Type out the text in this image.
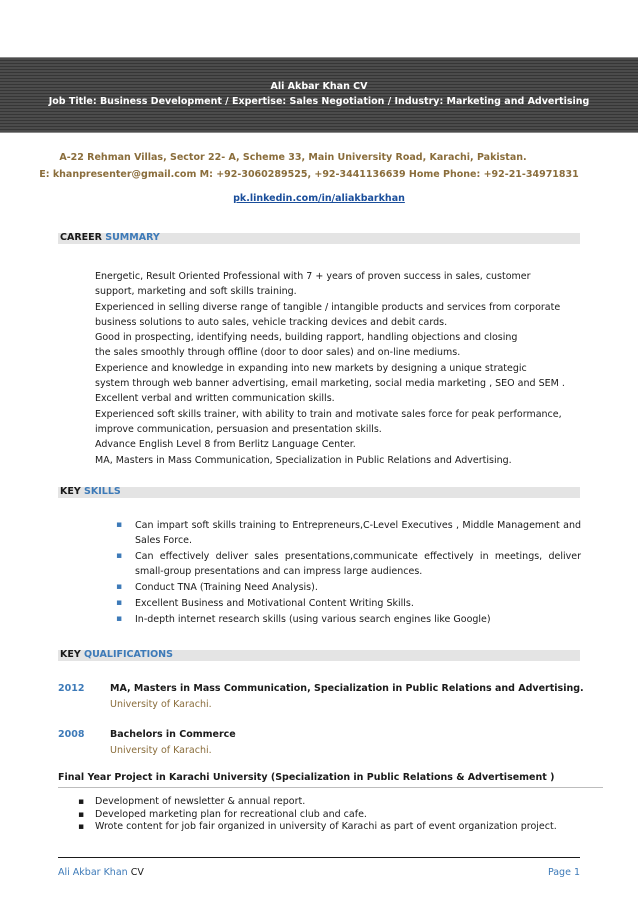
Ali Akbar Khan CV
Job Title: Business Development / Expertise: Sales Negotiation / Industry: Marketing and Advertising
A-22 Rehman Villas, Sector 22- A, Scheme 33, Main University Road, Karachi, Pakistan.
E: khanpresenter@gmail.com M: +92-3060289525, +92-3441136639 Home Phone: +92-21-34971831
pk.linkedin.com/in/aliakbarkhan
CAREER SUMMARY
Energetic, Result Oriented Professional with 7 + years of proven success in sales, customer
support, marketing and soft skills training.
Experienced in selling diverse range of tangible / intangible products and services from corporate
business solutions to auto sales, vehicle tracking devices and debit cards.
Good in prospecting, identifying needs, building rapport, handling objections and closing
the sales smoothly through offline (door to door sales) and on-line mediums.
Experience and knowledge in expanding into new markets by designing a unique strategic
system through web banner advertising, email marketing, social media marketing , SEO and SEM .
Excellent verbal and written communication skills.
Experienced soft skills trainer, with ability to train and motivate sales force for peak performance,
improve communication, persuasion and presentation skills.
Advance English Level 8 from Berlitz Language Center.
MA, Masters in Mass Communication, Specialization in Public Relations and Advertising.
KEY SKILLS
▪ Can impart soft skills training to Entrepreneurs,C-Level Executives , Middle Management and Sales Force.
▪ Can effectively deliver sales presentations,communicate effectively in meetings, deliver small-group presentations and can impress large audiences.
▪ Conduct TNA (Training Need Analysis).
▪ Excellent Business and Motivational Content Writing Skills.
▪ In-depth internet research skills (using various search engines like Google)
KEY QUALIFICATIONS
2012	MA, Masters in Mass Communication, Specialization in Public Relations and Advertising.
University of Karachi.
2008	Bachelors in Commerce
University of Karachi.
Final Year Project in Karachi University (Specialization in Public Relations & Advertisement )
▪ Development of newsletter & annual report.
▪ Developed marketing plan for recreational club and cafe.
▪ Wrote content for job fair organized in university of Karachi as part of event organization project.
Ali Akbar Khan CV	Page 1
